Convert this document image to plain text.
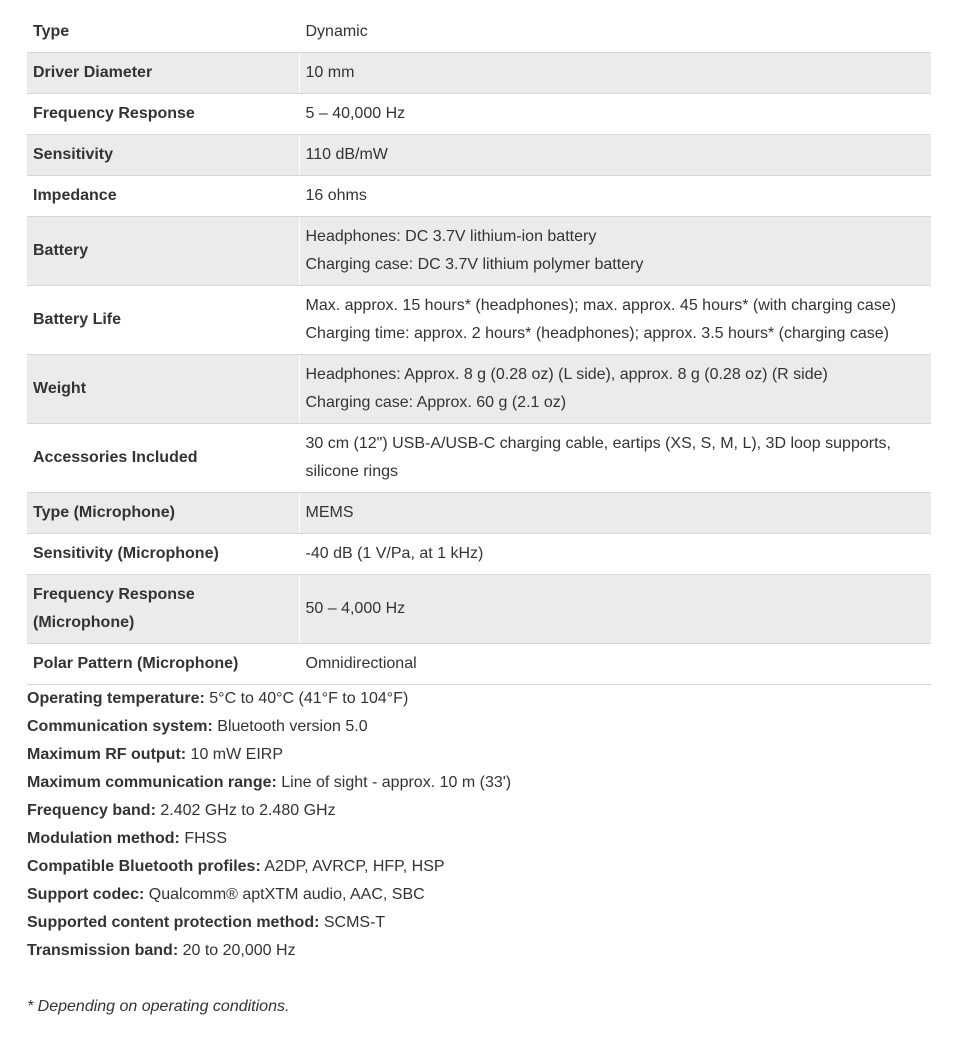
Type	Dynamic

Driver Diameter	10 mm

Frequency Response	5 – 40,000 Hz

Sensitivity	110 dB/mW

Impedance	16 ohms

Battery	Headphones: DC 3.7V lithium-ion battery
Charging case: DC 3.7V lithium polymer battery

Battery Life	Max. approx. 15 hours* (headphones); max. approx. 45 hours* (with charging case)
Charging time: approx. 2 hours* (headphones); approx. 3.5 hours* (charging case)

Weight	Headphones: Approx. 8 g (0.28 oz) (L side), approx. 8 g (0.28 oz) (R side)
Charging case: Approx. 60 g (2.1 oz)

Accessories Included	30 cm (12") USB-A/USB-C charging cable, eartips (XS, S, M, L), 3D loop supports, silicone rings

Type (Microphone)	MEMS

Sensitivity (Microphone)	-40 dB (1 V/Pa, at 1 kHz)

Frequency Response (Microphone)	50 – 4,000 Hz

Polar Pattern (Microphone)	Omnidirectional
Operating temperature: 5°C to 40°C (41°F to 104°F)
Communication system: Bluetooth version 5.0
Maximum RF output: 10 mW EIRP
Maximum communication range: Line of sight - approx. 10 m (33')
Frequency band: 2.402 GHz to 2.480 GHz
Modulation method: FHSS
Compatible Bluetooth profiles: A2DP, AVRCP, HFP, HSP
Support codec: Qualcomm® aptXTM audio, AAC, SBC
Supported content protection method: SCMS-T
Transmission band: 20 to 20,000 Hz
* Depending on operating conditions.
